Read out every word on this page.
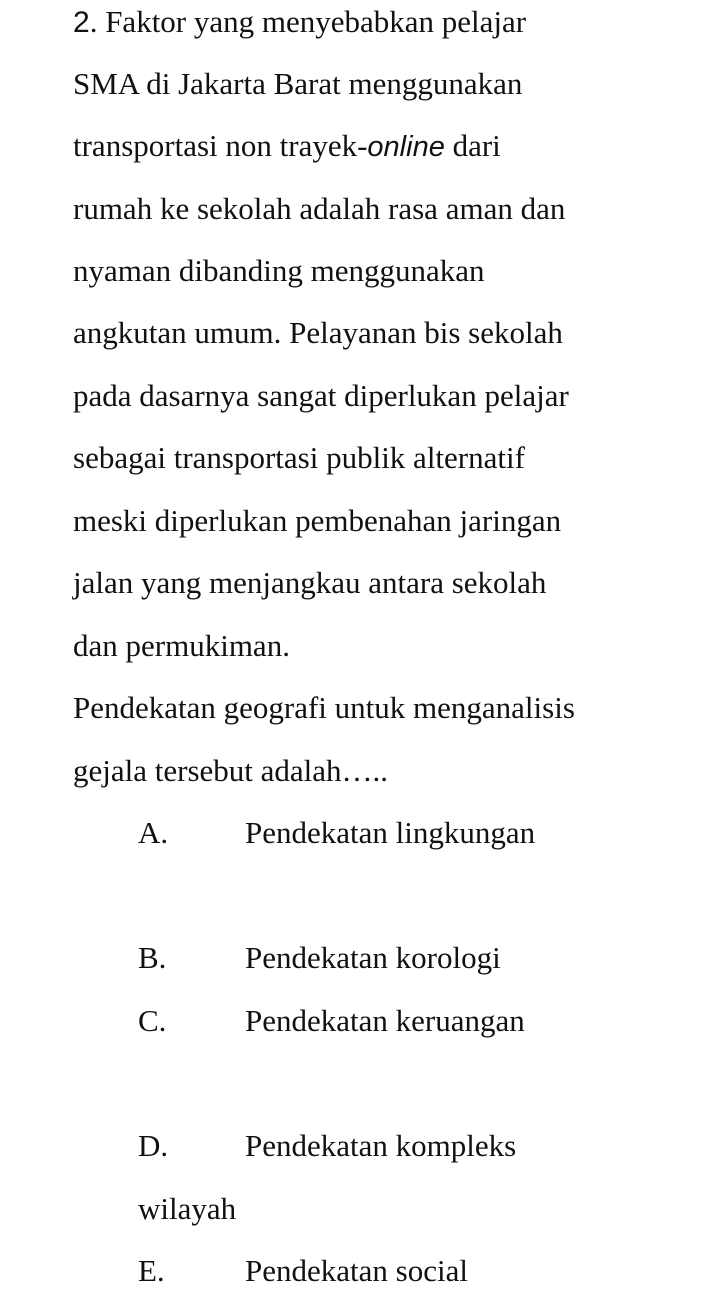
2. Faktor yang menyebabkan pelajar
SMA di Jakarta Barat menggunakan
transportasi non trayek-online dari
rumah ke sekolah adalah rasa aman dan
nyaman dibanding menggunakan
angkutan umum. Pelayanan bis sekolah
pada dasarnya sangat diperlukan pelajar
sebagai transportasi publik alternatif
meski diperlukan pembenahan jaringan
jalan yang menjangkau antara sekolah
dan permukiman.
Pendekatan geografi untuk menganalisis
gejala tersebut adalah…..
A. Pendekatan lingkungan
B.	Pendekatan korologi
C.	Pendekatan keruangan
D. Pendekatan kompleks
wilayah
E.	Pendekatan social
